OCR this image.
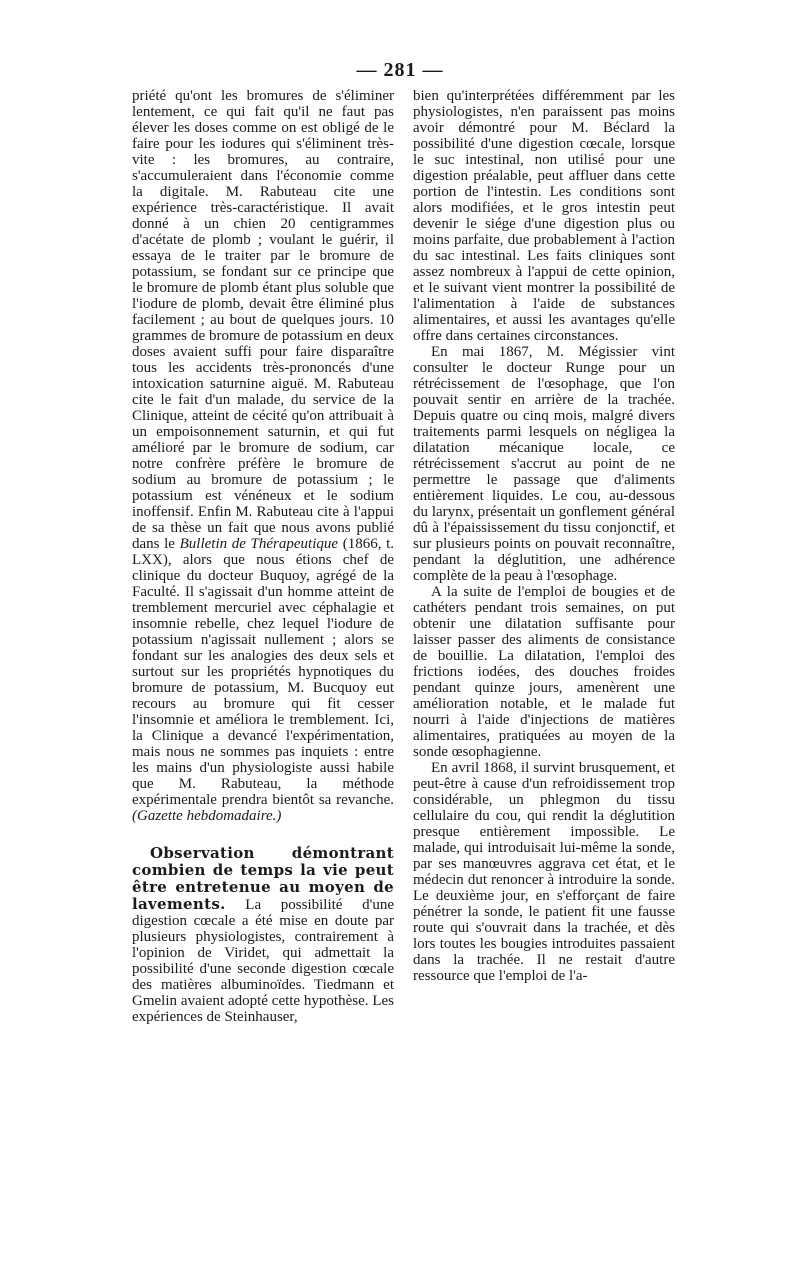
— 281 —

priété qu'ont les bromures de s'éliminer lentement, ce qui fait qu'il ne faut pas élever les doses comme on est obligé de le faire pour les iodures qui s'éliminent très-vite : les bromures, au contraire, s'accumuleraient dans l'économie comme la digitale. M. Rabuteau cite une expérience très-caractéristique. Il avait donné à un chien 20 centigrammes d'acétate de plomb ; voulant le guérir, il essaya de le traiter par le bromure de potassium, se fondant sur ce principe que le bromure de plomb étant plus soluble que l'iodure de plomb, devait être éliminé plus facilement ; au bout de quelques jours. 10 grammes de bromure de potassium en deux doses avaient suffi pour faire disparaître tous les accidents très-prononcés d'une intoxication saturnine aiguë. M. Rabuteau cite le fait d'un malade, du service de la Clinique, atteint de cécité qu'on attribuait à un empoisonnement saturnin, et qui fut amélioré par le bromure de sodium, car notre confrère préfère le bromure de sodium au bromure de potassium ; le potassium est vénéneux et le sodium inoffensif. Enfin M. Rabuteau cite à l'appui de sa thèse un fait que nous avons publié dans le Bulletin de Thérapeutique (1866, t. LXX), alors que nous étions chef de clinique du docteur Buquoy, agrégé de la Faculté. Il s'agissait d'un homme atteint de tremblement mercuriel avec céphalagie et insomnie rebelle, chez lequel l'iodure de potassium n'agissait nullement ; alors se fondant sur les analogies des deux sels et surtout sur les propriétés hypnotiques du bromure de potassium, M. Bucquoy eut recours au bromure qui fit cesser l'insomnie et améliora le tremblement. Ici, la Clinique a devancé l'expérimentation, mais nous ne sommes pas inquiets : entre les mains d'un physiologiste aussi habile que M. Rabuteau, la méthode expérimentale prendra bientôt sa revanche. (Gazette hebdomadaire.)

Observation démontrant combien de temps la vie peut être entretenue au moyen de lavements. La possibilité d'une digestion cœcale a été mise en doute par plusieurs physiologistes, contrairement à l'opinion de Viridet, qui admettait la possibilité d'une seconde digestion cœcale des matières albuminoïdes. Tiedmann et Gmelin avaient adopté cette hypothèse. Les expériences de Steinhauser,

bien qu'interprétées différemment par les physiologistes, n'en paraissent pas moins avoir démontré pour M. Béclard la possibilité d'une digestion cœcale, lorsque le suc intestinal, non utilisé pour une digestion préalable, peut affluer dans cette portion de l'intestin. Les conditions sont alors modifiées, et le gros intestin peut devenir le siége d'une digestion plus ou moins parfaite, due probablement à l'action du sac intestinal. Les faits cliniques sont assez nombreux à l'appui de cette opinion, et le suivant vient montrer la possibilité de l'alimentation à l'aide de substances alimentaires, et aussi les avantages qu'elle offre dans certaines circonstances.

En mai 1867, M. Mégissier vint consulter le docteur Runge pour un rétrécissement de l'œsophage, que l'on pouvait sentir en arrière de la trachée. Depuis quatre ou cinq mois, malgré divers traitements parmi lesquels on négligea la dilatation mécanique locale, ce rétrécissement s'accrut au point de ne permettre le passage que d'aliments entièrement liquides. Le cou, au-dessous du larynx, présentait un gonflement général dû à l'épaississement du tissu conjonctif, et sur plusieurs points on pouvait reconnaître, pendant la déglutition, une adhérence complète de la peau à l'œsophage.

A la suite de l'emploi de bougies et de cathéters pendant trois semaines, on put obtenir une dilatation suffisante pour laisser passer des aliments de consistance de bouillie. La dilatation, l'emploi des frictions iodées, des douches froides pendant quinze jours, amenèrent une amélioration notable, et le malade fut nourri à l'aide d'injections de matières alimentaires, pratiquées au moyen de la sonde œsophagienne.

En avril 1868, il survint brusquement, et peut-être à cause d'un refroidissement trop considérable, un phlegmon du tissu cellulaire du cou, qui rendit la déglutition presque entièrement impossible. Le malade, qui introduisait lui-même la sonde, par ses manœuvres aggrava cet état, et le médecin dut renoncer à introduire la sonde. Le deuxième jour, en s'efforçant de faire pénétrer la sonde, le patient fit une fausse route qui s'ouvrait dans la trachée, et dès lors toutes les bougies introduites passaient dans la trachée. Il ne restait d'autre ressource que l'emploi de l'a-
